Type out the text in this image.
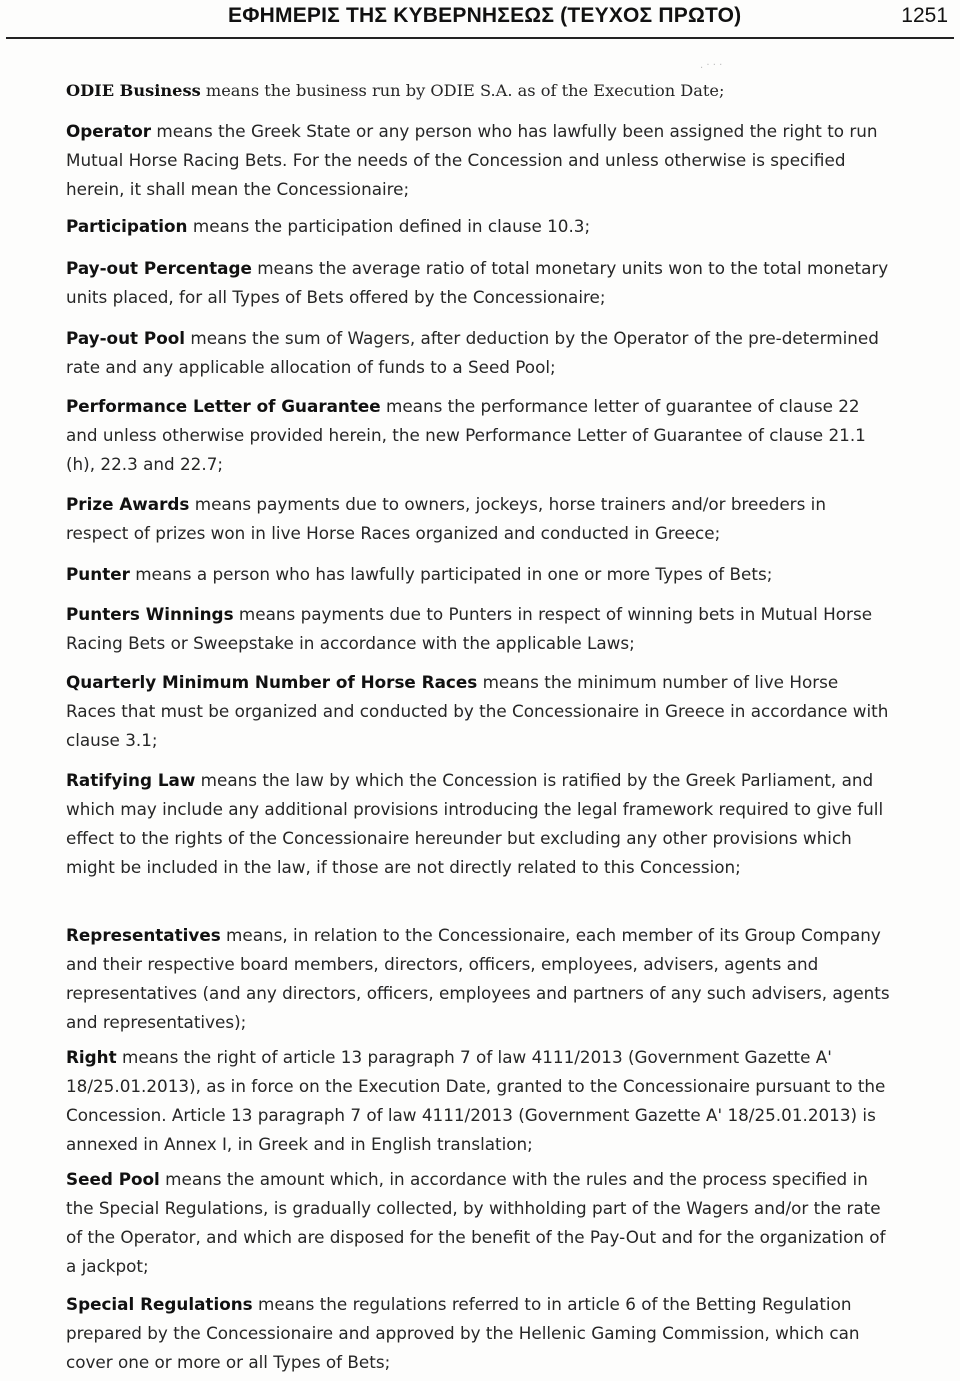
ΕΦΗΜΕΡΙΣ ΤΗΣ ΚΥΒΕΡΝΗΣΕΩΣ (ΤΕΥΧΟΣ ΠΡΩΤΟ)	1251
. · · ·

ODIE Business means the business run by ODIE S.A. as of the Execution Date;

Operator means the Greek State or any person who has lawfully been assigned the right to run Mutual Horse Racing Bets. For the needs of the Concession and unless otherwise is specified herein, it shall mean the Concessionaire;

Participation means the participation defined in clause 10.3;

Pay-out Percentage means the average ratio of total monetary units won to the total monetary units placed, for all Types of Bets offered by the Concessionaire;

Pay-out Pool means the sum of Wagers, after deduction by the Operator of the pre-determined rate and any applicable allocation of funds to a Seed Pool;

Performance Letter of Guarantee means the performance letter of guarantee of clause 22 and unless otherwise provided herein, the new Performance Letter of Guarantee of clause 21.1 (h), 22.3 and 22.7;

Prize Awards means payments due to owners, jockeys, horse trainers and/or breeders in respect of prizes won in live Horse Races organized and conducted in Greece;

Punter means a person who has lawfully participated in one or more Types of Bets;

Punters Winnings means payments due to Punters in respect of winning bets in Mutual Horse Racing Bets or Sweepstake in accordance with the applicable Laws;

Quarterly Minimum Number of Horse Races means the minimum number of live Horse Races that must be organized and conducted by the Concessionaire in Greece in accordance with clause 3.1;

Ratifying Law means the law by which the Concession is ratified by the Greek Parliament, and which may include any additional provisions introducing the legal framework required to give full effect to the rights of the Concessionaire hereunder but excluding any other provisions which might be included in the law, if those are not directly related to this Concession;

Representatives means, in relation to the Concessionaire, each member of its Group Company and their respective board members, directors, officers, employees, advisers, agents and representatives (and any directors, officers, employees and partners of any such advisers, agents and representatives);

Right means the right of article 13 paragraph 7 of law 4111/2013 (Government Gazette A' 18/25.01.2013), as in force on the Execution Date, granted to the Concessionaire pursuant to the Concession. Article 13 paragraph 7 of law 4111/2013 (Government Gazette A' 18/25.01.2013) is annexed in Annex I, in Greek and in English translation;

Seed Pool means the amount which, in accordance with the rules and the process specified in the Special Regulations, is gradually collected, by withholding part of the Wagers and/or the rate of the Operator, and which are disposed for the benefit of the Pay-Out and for the organization of a jackpot;

Special Regulations means the regulations referred to in article 6 of the Betting Regulation prepared by the Concessionaire and approved by the Hellenic Gaming Commission, which can cover one or more or all Types of Bets;
